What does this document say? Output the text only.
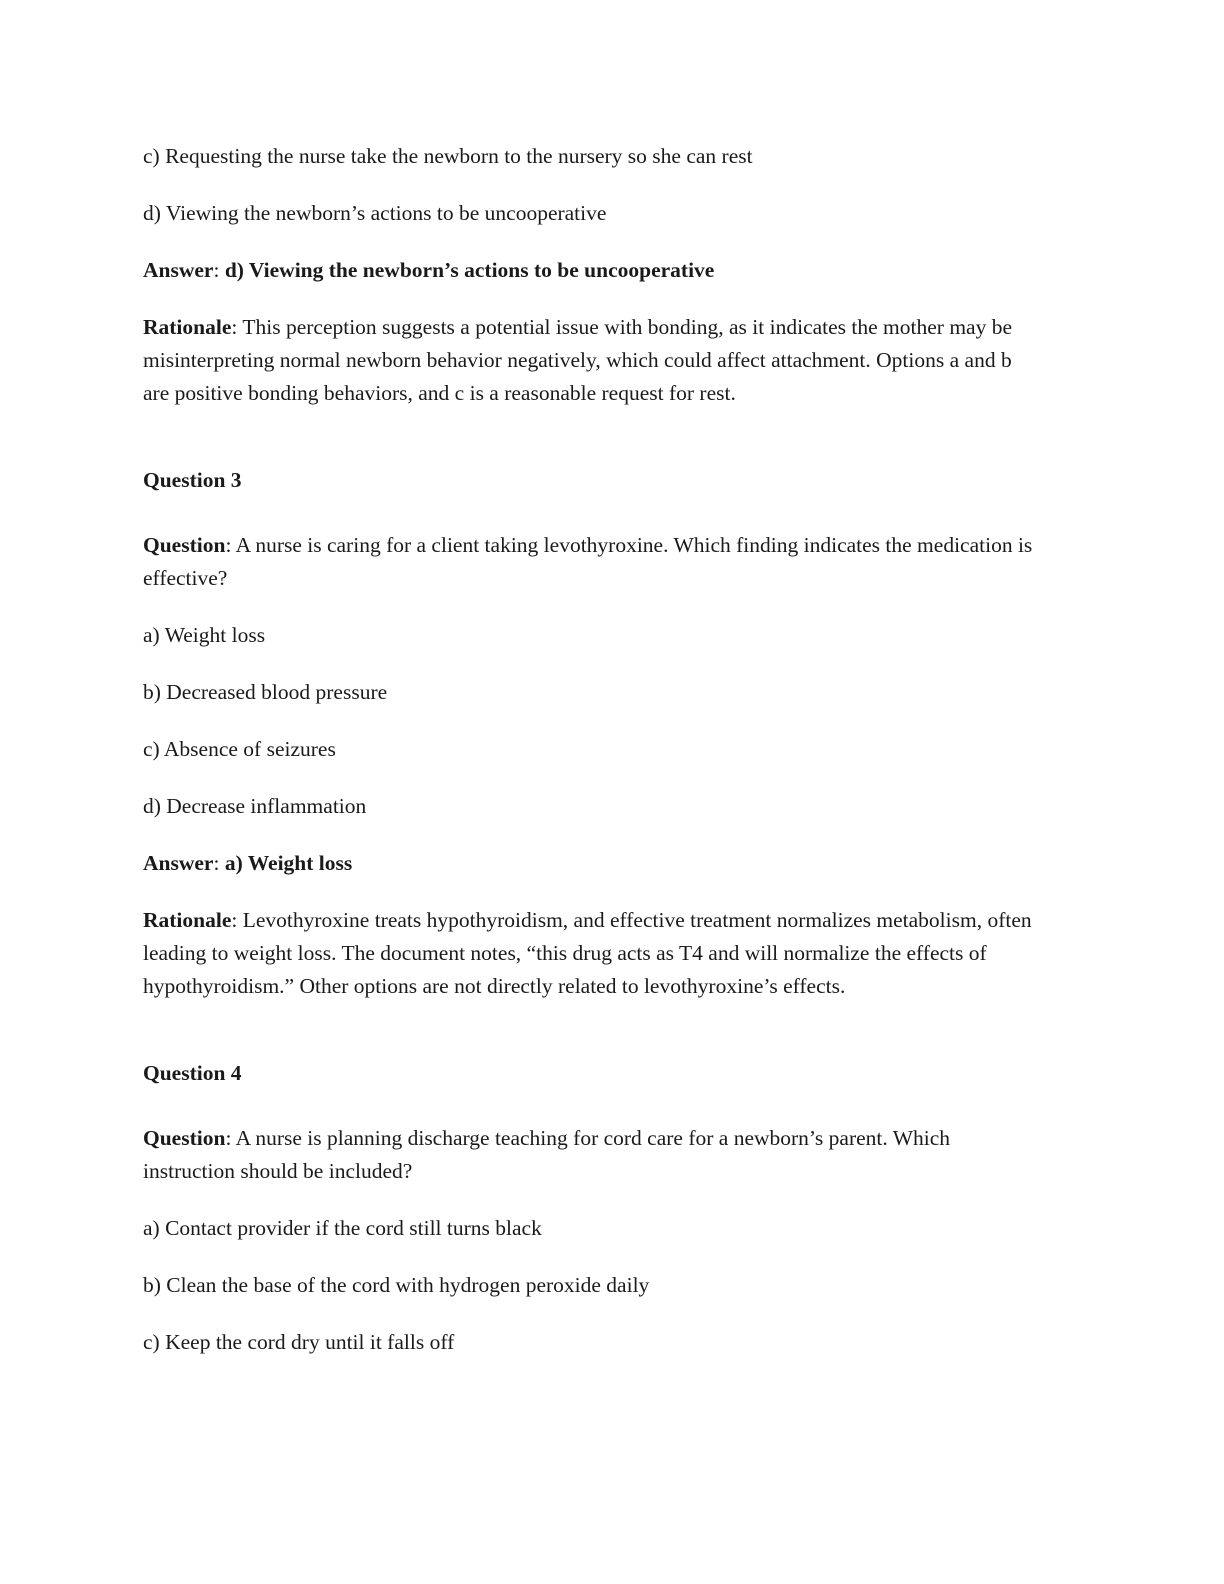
c) Requesting the nurse take the newborn to the nursery so she can rest

d) Viewing the newborn’s actions to be uncooperative

Answer: d) Viewing the newborn’s actions to be uncooperative

Rationale: This perception suggests a potential issue with bonding, as it indicates the mother may be misinterpreting normal newborn behavior negatively, which could affect attachment. Options a and b are positive bonding behaviors, and c is a reasonable request for rest.

Question 3

Question: A nurse is caring for a client taking levothyroxine. Which finding indicates the medication is effective?

a) Weight loss

b) Decreased blood pressure

c) Absence of seizures

d) Decrease inflammation

Answer: a) Weight loss

Rationale: Levothyroxine treats hypothyroidism, and effective treatment normalizes metabolism, often leading to weight loss. The document notes, “this drug acts as T4 and will normalize the effects of hypothyroidism.” Other options are not directly related to levothyroxine’s effects.

Question 4

Question: A nurse is planning discharge teaching for cord care for a newborn’s parent. Which instruction should be included?

a) Contact provider if the cord still turns black

b) Clean the base of the cord with hydrogen peroxide daily

c) Keep the cord dry until it falls off
